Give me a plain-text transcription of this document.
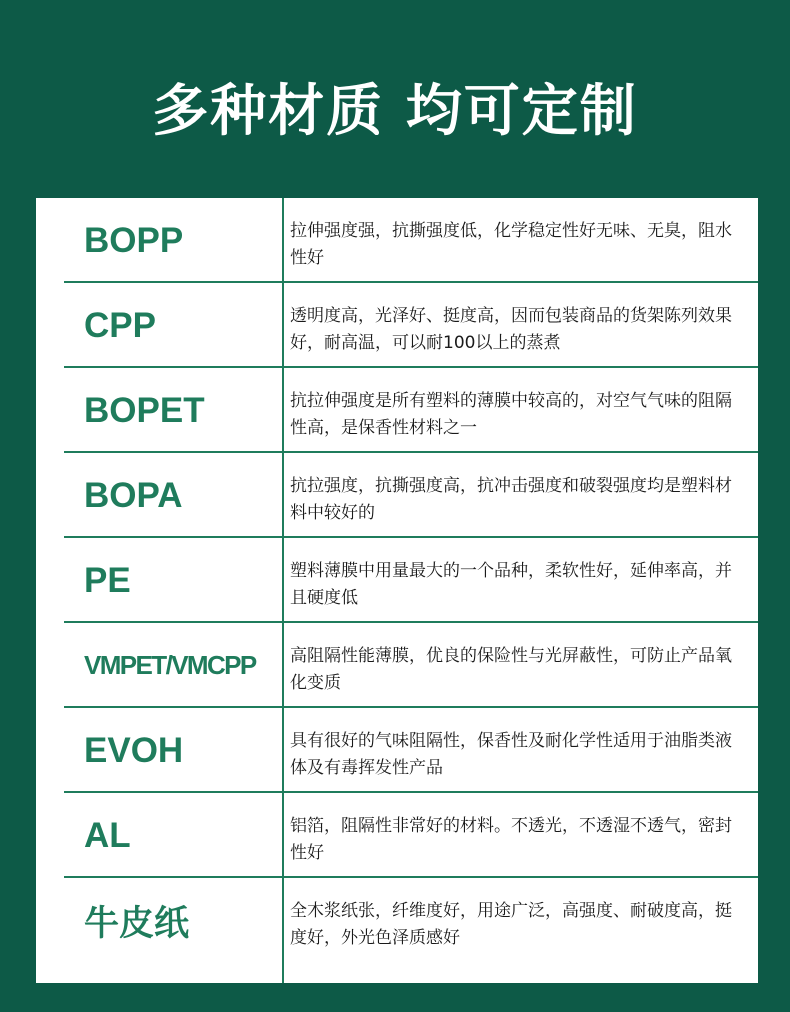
多种材质 均可定制
BOPP	拉伸强度强，抗撕强度低，化学稳定性好无味、无臭，阻水性好
CPP	透明度高，光泽好、挺度高，因而包装商品的货架陈列效果好，耐高温，可以耐100以上的蒸煮
BOPET	抗拉伸强度是所有塑料的薄膜中较高的，对空气气味的阻隔性高，是保香性材料之一
BOPA	抗拉强度，抗撕强度高，抗冲击强度和破裂强度均是塑料材料中较好的
PE	塑料薄膜中用量最大的一个品种，柔软性好，延伸率高，并且硬度低
VMPET/VMCPP	高阻隔性能薄膜，优良的保险性与光屏蔽性，可防止产品氧化变质
EVOH	具有很好的气味阻隔性，保香性及耐化学性适用于油脂类液体及有毒挥发性产品
AL	铝箔，阻隔性非常好的材料。不透光，不透湿不透气，密封性好
牛皮纸	全木浆纸张，纤维度好，用途广泛，高强度、耐破度高，挺度好，外光色泽质感好
